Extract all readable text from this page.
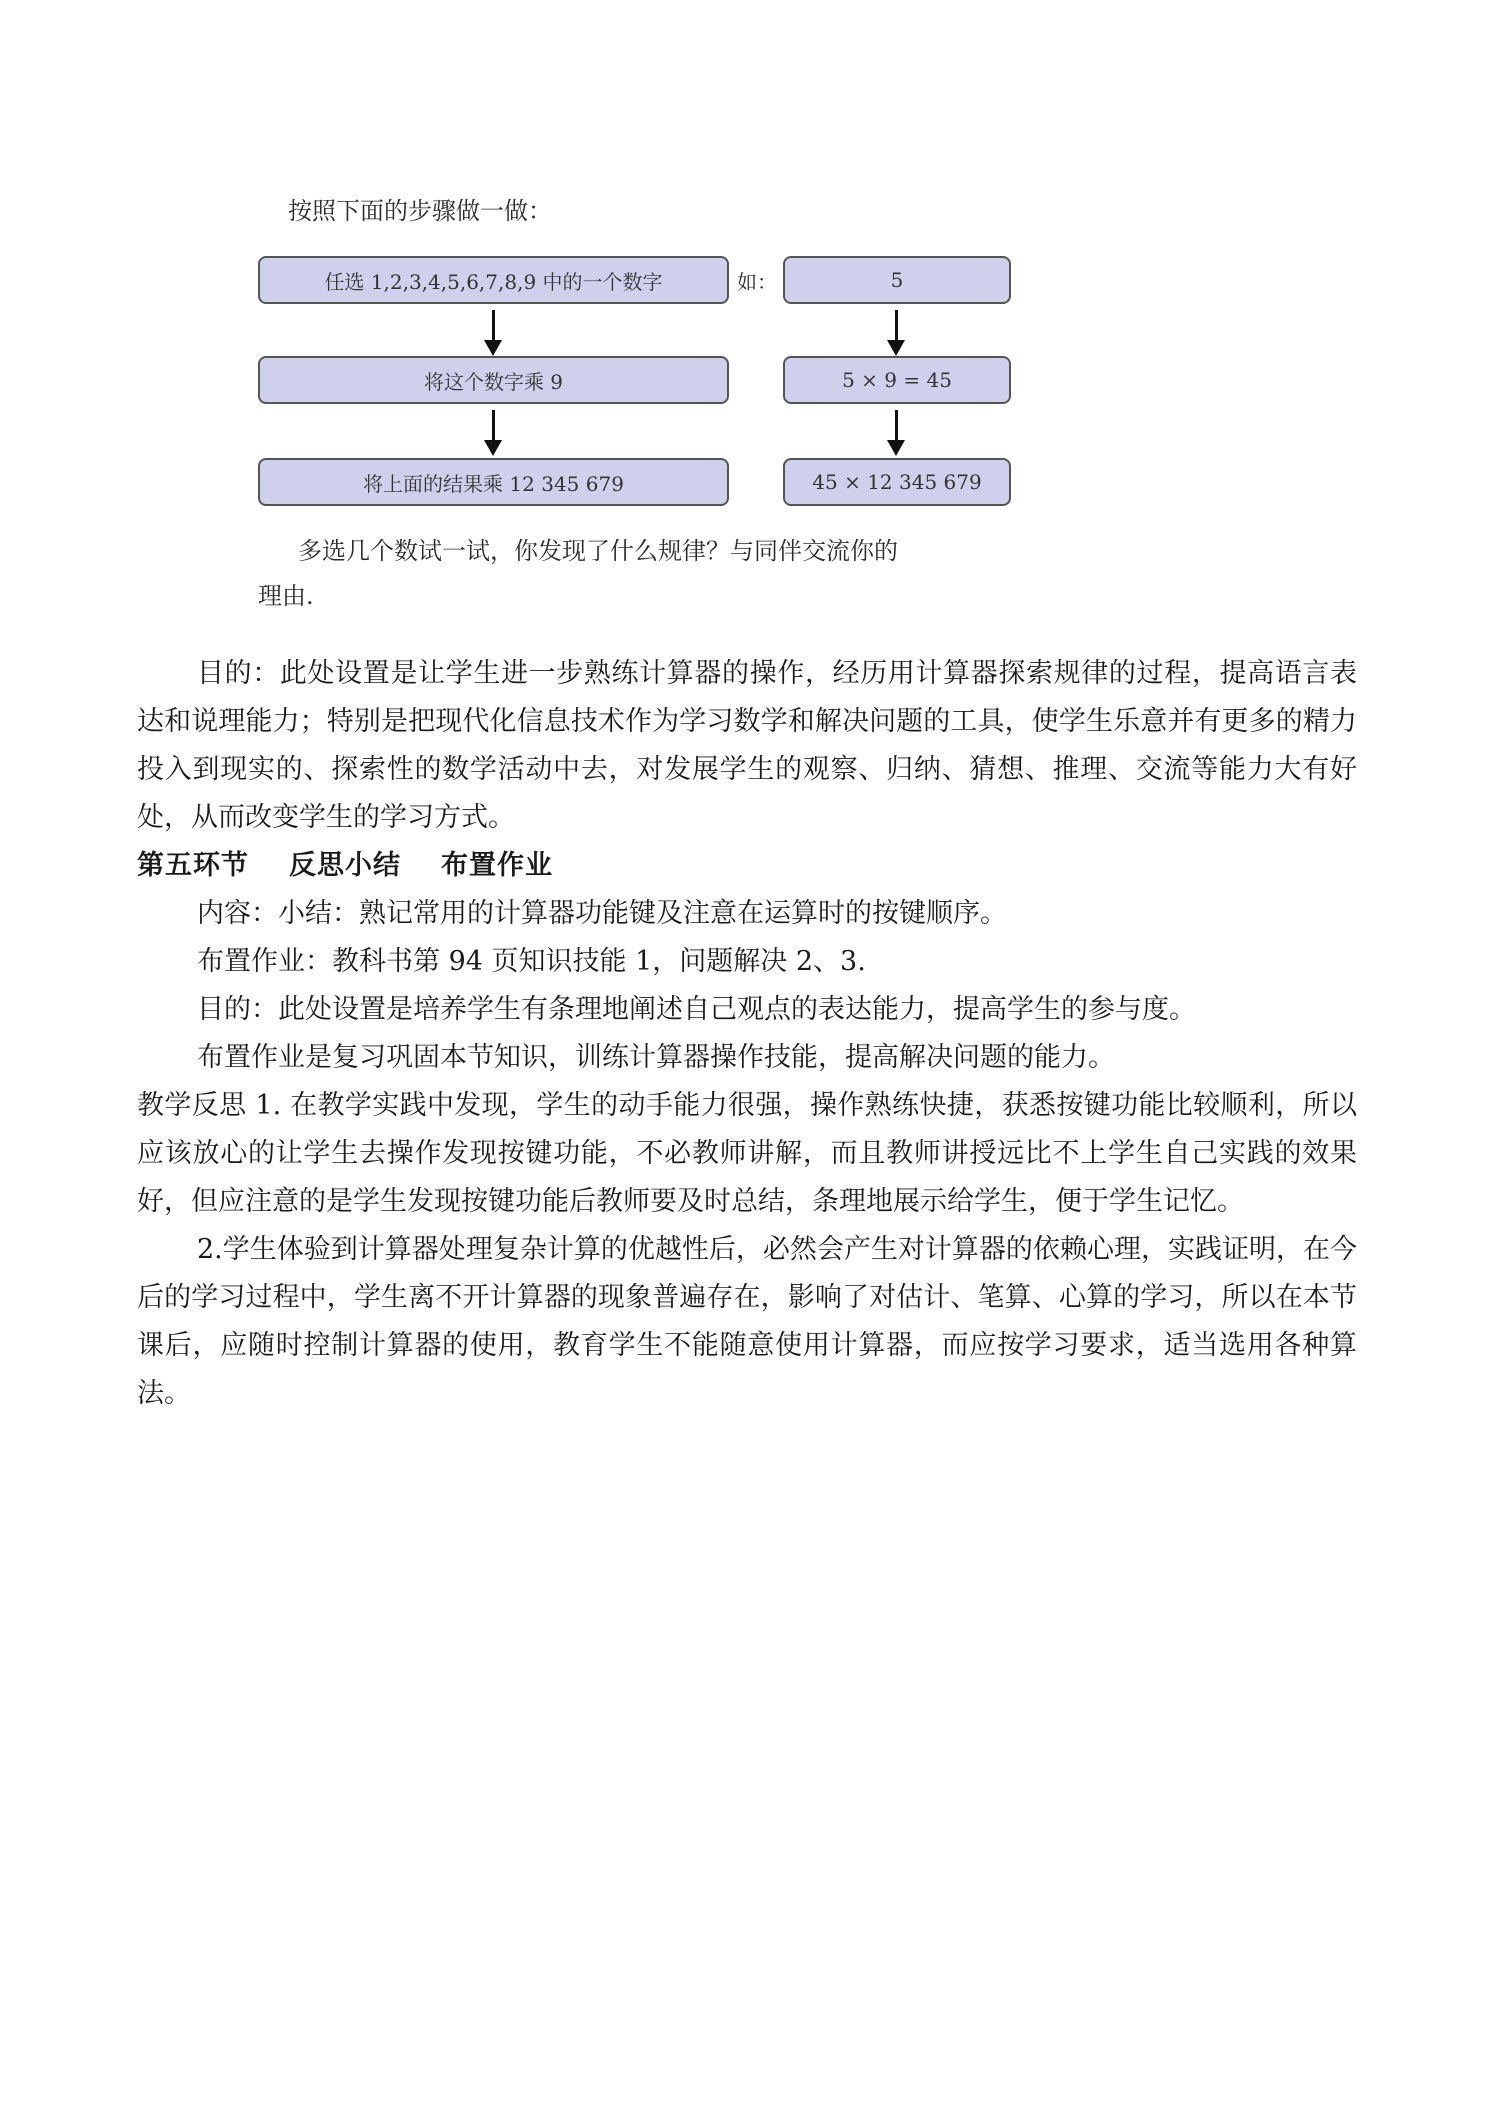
按照下面的步骤做一做：
任选 1,2,3,4,5,6,7,8,9 中的一个数字	如：	5
将这个数字乘 9	5 × 9 = 45
将上面的结果乘 12 345 679	45 × 12 345 679
多选几个数试一试，你发现了什么规律？与同伴交流你的
理由.

目的：此处设置是让学生进一步熟练计算器的操作，经历用计算器探索规律的过程，提高语言表达和说理能力；特别是把现代化信息技术作为学习数学和解决问题的工具，使学生乐意并有更多的精力投入到现实的、探索性的数学活动中去，对发展学生的观察、归纳、猜想、推理、交流等能力大有好处，从而改变学生的学习方式。

第五环节 反思小结 布置作业

内容：小结：熟记常用的计算器功能键及注意在运算时的按键顺序。

布置作业：教科书第 94 页知识技能 1，问题解决 2、3.

目的：此处设置是培养学生有条理地阐述自己观点的表达能力，提高学生的参与度。

布置作业是复习巩固本节知识，训练计算器操作技能，提高解决问题的能力。

教学反思 1. 在教学实践中发现，学生的动手能力很强，操作熟练快捷，获悉按键功能比较顺利，所以应该放心的让学生去操作发现按键功能，不必教师讲解，而且教师讲授远比不上学生自己实践的效果好，但应注意的是学生发现按键功能后教师要及时总结，条理地展示给学生，便于学生记忆。

2.学生体验到计算器处理复杂计算的优越性后，必然会产生对计算器的依赖心理，实践证明，在今后的学习过程中，学生离不开计算器的现象普遍存在，影响了对估计、笔算、心算的学习，所以在本节课后，应随时控制计算器的使用，教育学生不能随意使用计算器，而应按学习要求，适当选用各种算法。
